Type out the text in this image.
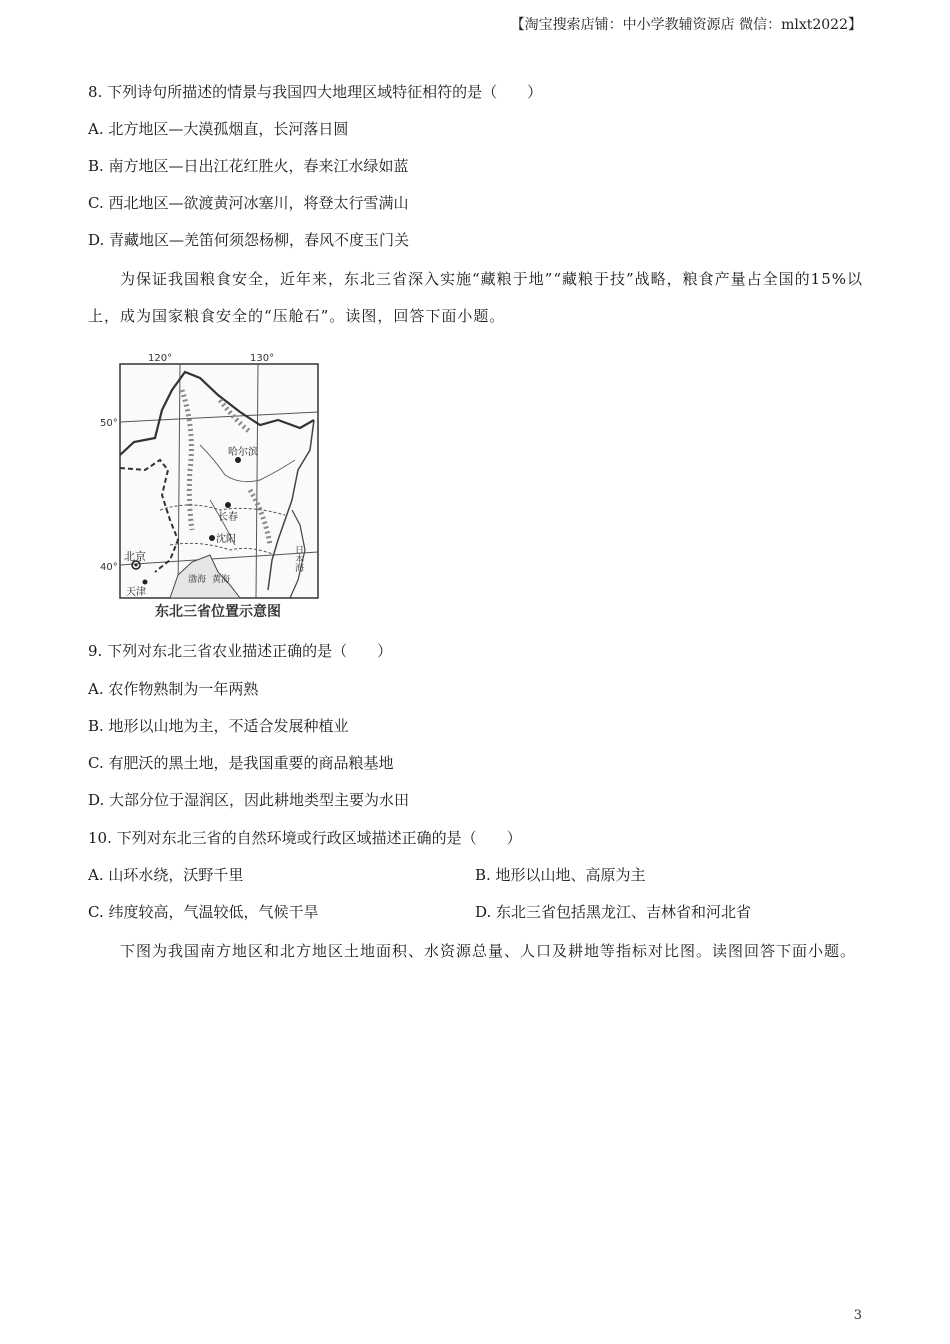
【淘宝搜索店铺：中小学教辅资源店 微信：mlxt2022】
8. 下列诗句所描述的情景与我国四大地理区域特征相符的是（　　）
A. 北方地区—大漠孤烟直，长河落日圆
B. 南方地区—日出江花红胜火，春来江水绿如蓝
C. 西北地区—欲渡黄河冰塞川，将登太行雪满山
D. 青藏地区—羌笛何须怨杨柳，春风不度玉门关
为保证我国粮食安全，近年来，东北三省深入实施“藏粮于地”“藏粮于技”战略，粮食产量占全国的15%以上，成为国家粮食安全的“压舱石”。读图，回答下面小题。
120°	130°
50°
40°
哈尔滨
长春
沈阳
北京
天津
渤海 黄海
日本海
东北三省位置示意图
9. 下列对东北三省农业描述正确的是（　　）
A. 农作物熟制为一年两熟
B. 地形以山地为主，不适合发展种植业
C. 有肥沃的黑土地，是我国重要的商品粮基地
D. 大部分位于湿润区，因此耕地类型主要为水田
10. 下列对东北三省的自然环境或行政区域描述正确的是（　　）
A. 山环水绕，沃野千里	B. 地形以山地、高原为主
C. 纬度较高，气温较低，气候干旱	D. 东北三省包括黑龙江、吉林省和河北省
下图为我国南方地区和北方地区土地面积、水资源总量、人口及耕地等指标对比图。读图回答下面小题。
3
